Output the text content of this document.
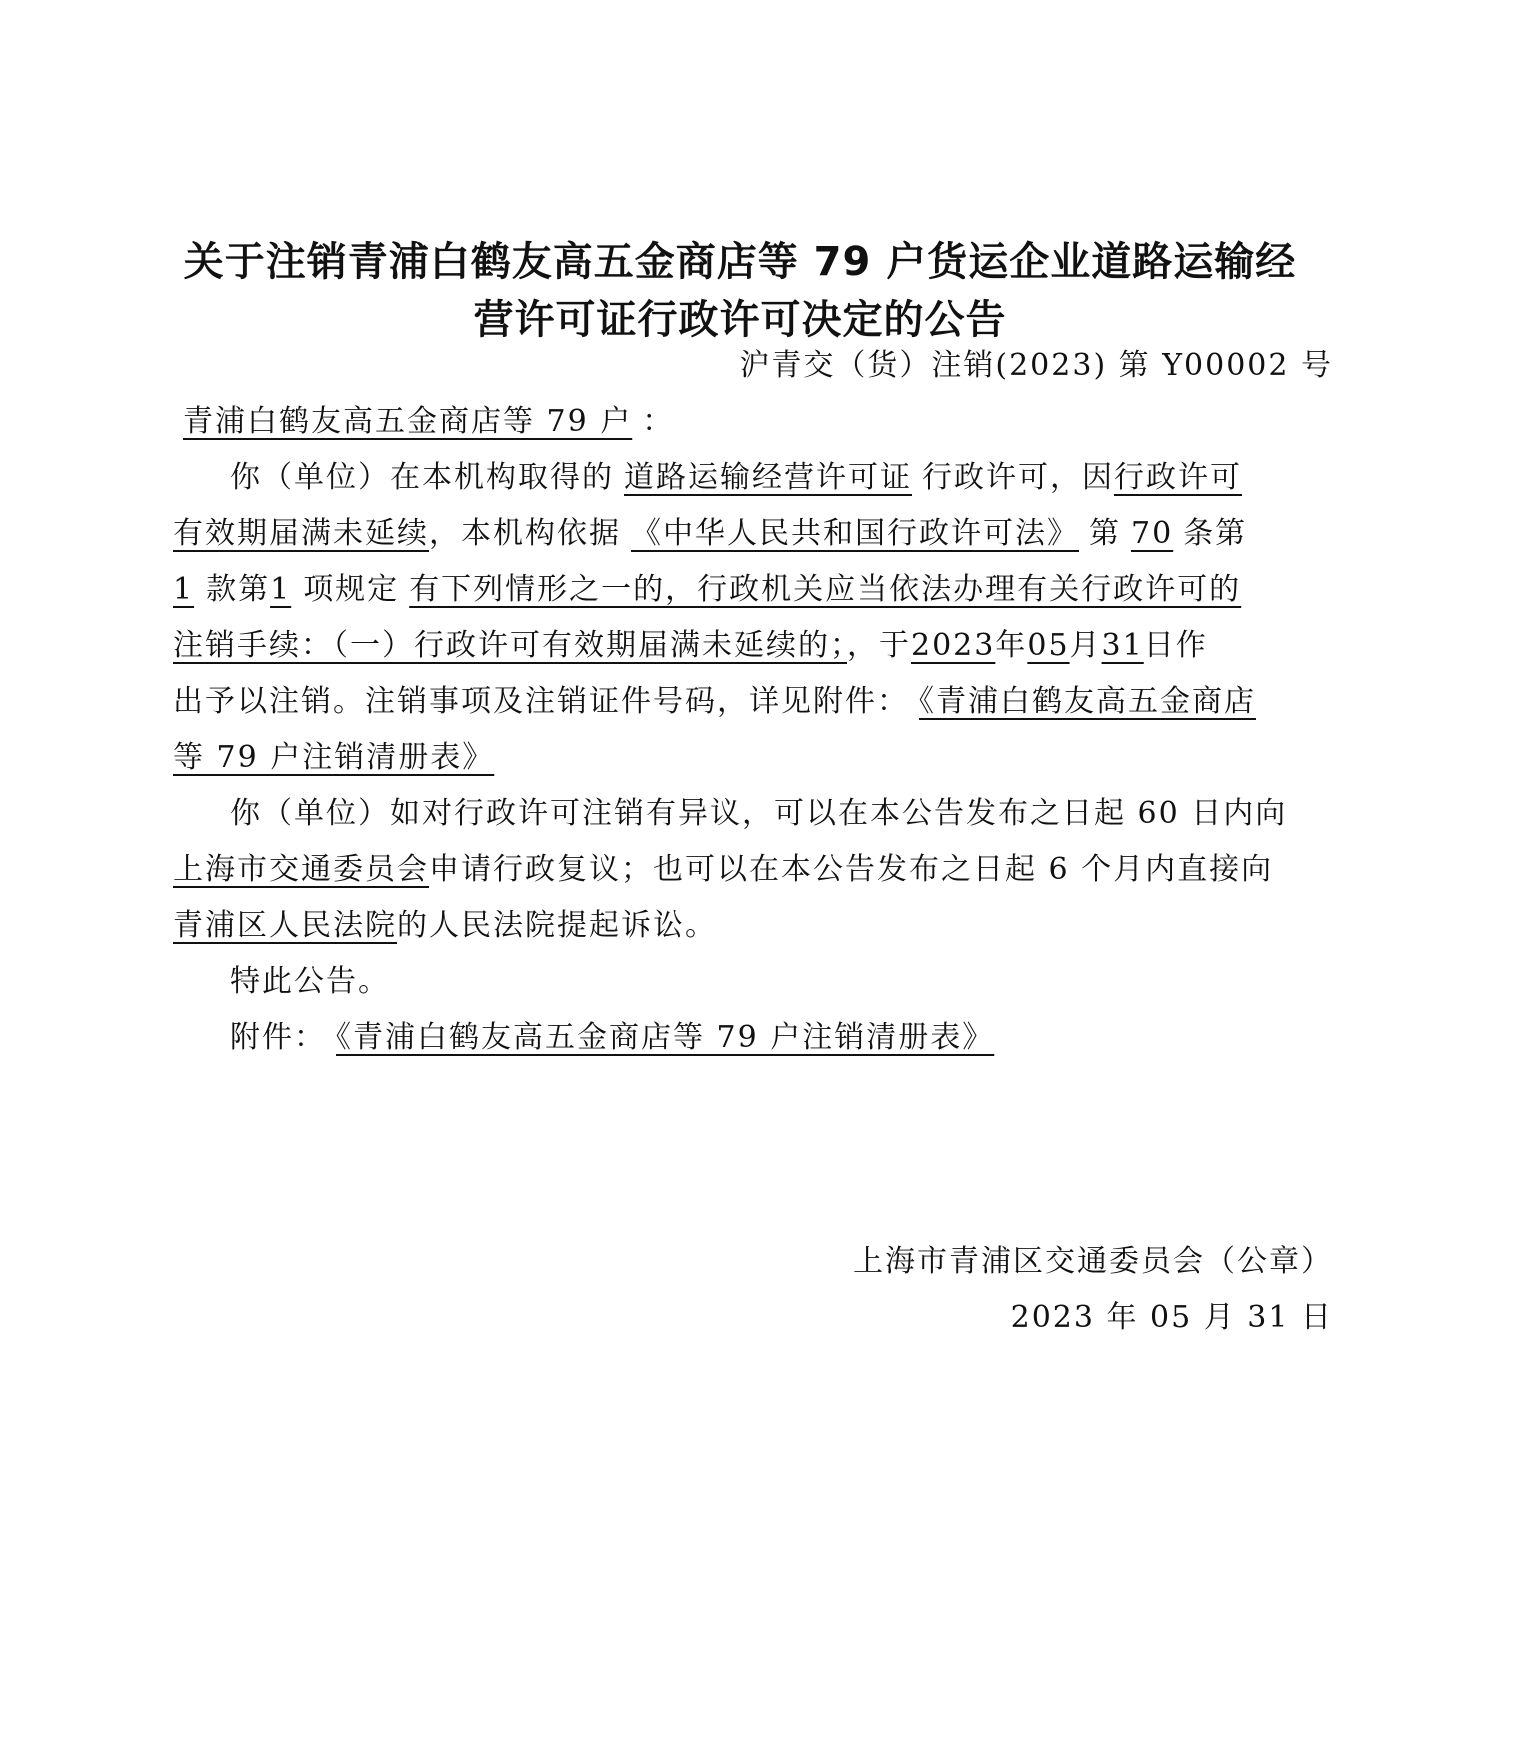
关于注销青浦白鹤友高五金商店等 79 户货运企业道路运输经
营许可证行政许可决定的公告
沪青交（货）注销(2023) 第 Y00002 号
青浦白鹤友高五金商店等 79 户 ：
你（单位）在本机构取得的 道路运输经营许可证 行政许可，因行政许可
有效期届满未延续，本机构依据 《中华人民共和国行政许可法》 第 70 条第
1 款第1 项规定 有下列情形之一的，行政机关应当依法办理有关行政许可的
注销手续：（一）行政许可有效期届满未延续的；，于2023年05月31日作
出予以注销。注销事项及注销证件号码，详见附件： 《青浦白鹤友高五金商店
等 79 户注销清册表》
你（单位）如对行政许可注销有异议，可以在本公告发布之日起 60 日内向
上海市交通委员会申请行政复议；也可以在本公告发布之日起 6 个月内直接向
青浦区人民法院的人民法院提起诉讼。
特此公告。
附件： 《青浦白鹤友高五金商店等 79 户注销清册表》
上海市青浦区交通委员会（公章）
2023 年 05 月 31 日
